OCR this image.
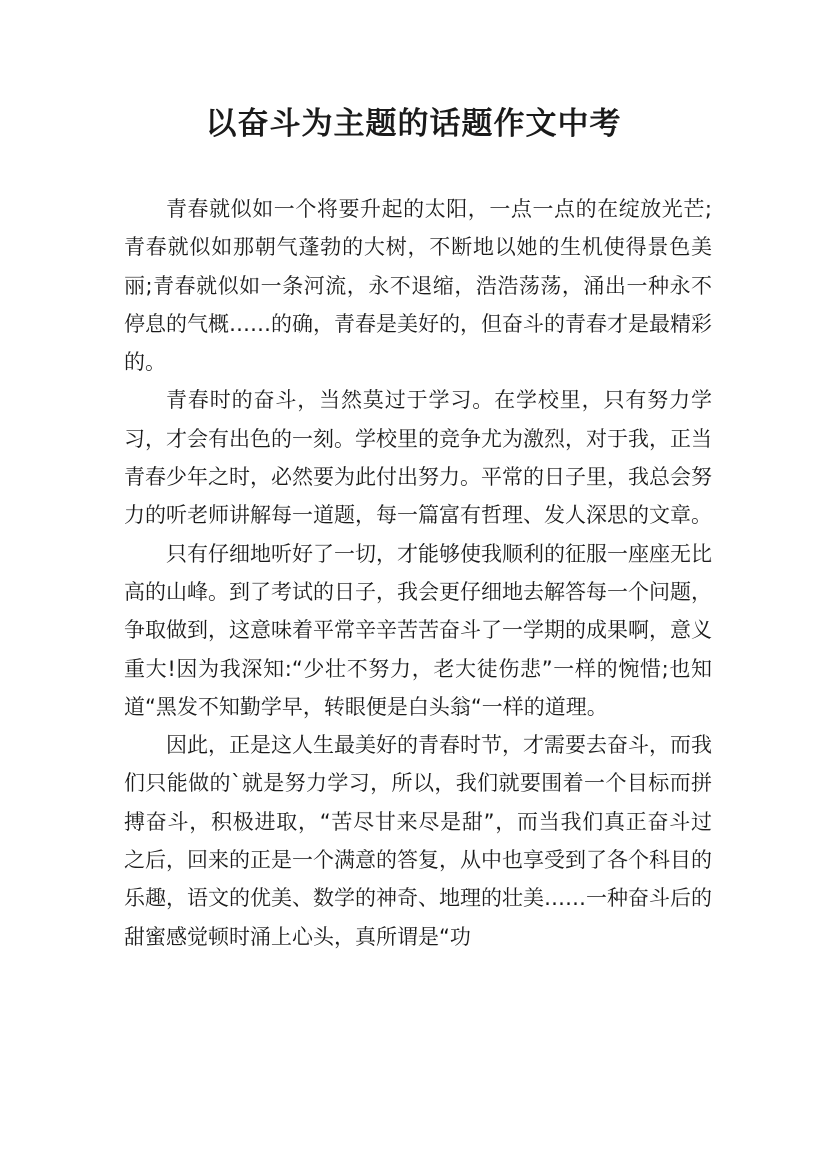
以奋斗为主题的话题作文中考

青春就似如一个将要升起的太阳，一点一点的在绽放光芒;青春就似如那朝气蓬勃的大树，不断地以她的生机使得景色美丽;青春就似如一条河流，永不退缩，浩浩荡荡，涌出一种永不停息的气概……的确，青春是美好的，但奋斗的青春才是最精彩的。

青春时的奋斗，当然莫过于学习。在学校里，只有努力学习，才会有出色的一刻。学校里的竞争尤为激烈，对于我，正当青春少年之时，必然要为此付出努力。平常的日子里，我总会努力的听老师讲解每一道题，每一篇富有哲理、发人深思的文章。

只有仔细地听好了一切，才能够使我顺利的征服一座座无比高的山峰。到了考试的日子，我会更仔细地去解答每一个问题，争取做到，这意味着平常辛辛苦苦奋斗了一学期的成果啊，意义重大!因为我深知:“少壮不努力，老大徒伤悲”一样的惋惜;也知道“黑发不知勤学早，转眼便是白头翁“一样的道理。

因此，正是这人生最美好的青春时节，才需要去奋斗，而我们只能做的`就是努力学习，所以，我们就要围着一个目标而拼搏奋斗，积极进取，“苦尽甘来尽是甜”，而当我们真正奋斗过之后，回来的正是一个满意的答复，从中也享受到了各个科目的乐趣，语文的优美、数学的神奇、地理的壮美……一种奋斗后的甜蜜感觉顿时涌上心头，真所谓是“功
